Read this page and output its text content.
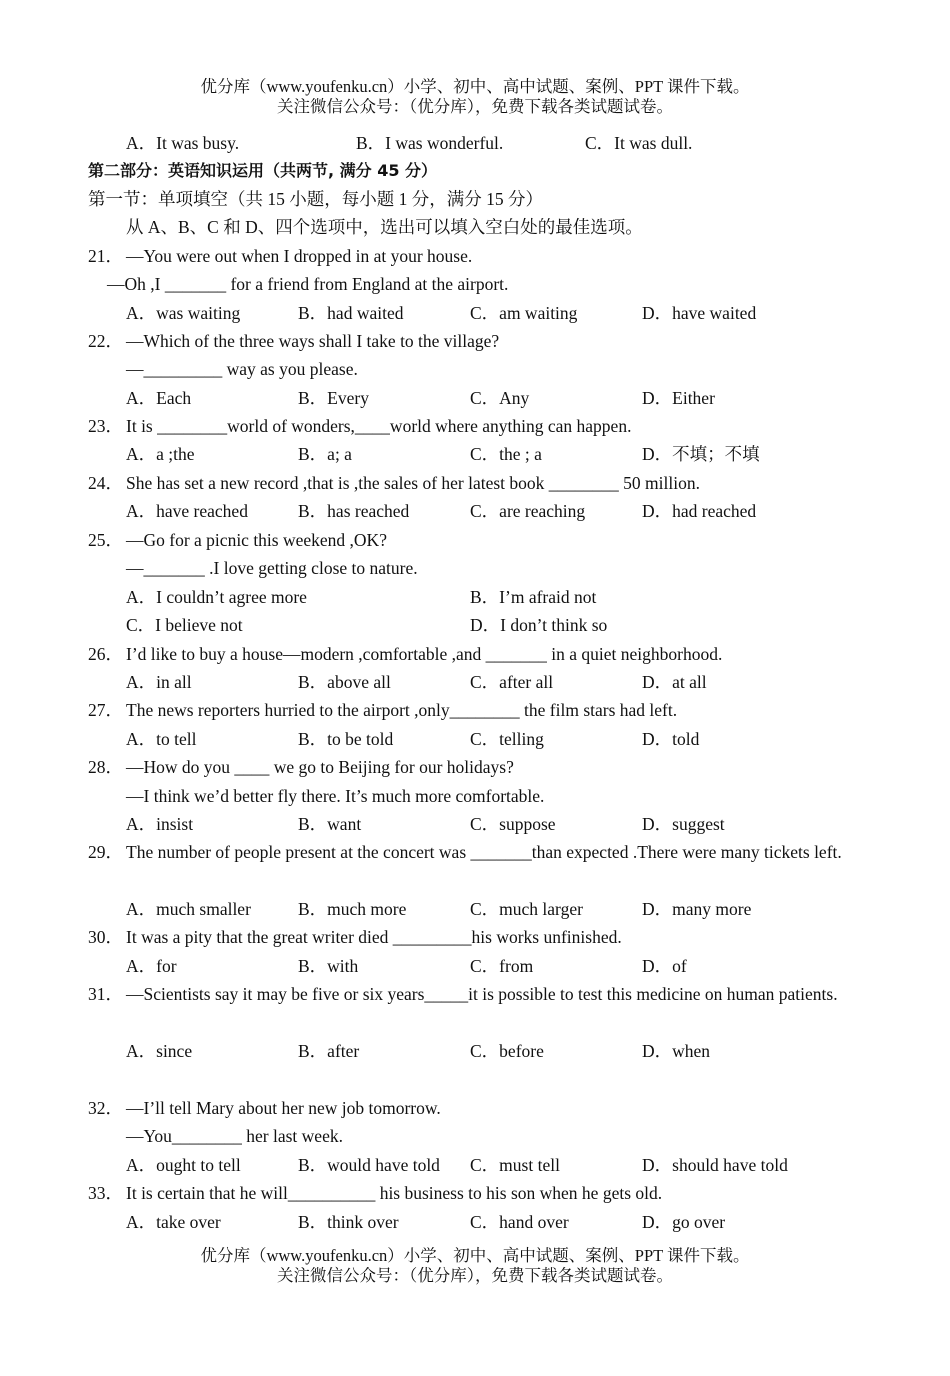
优分库（www.youfenku.cn）小学、初中、高中试题、案例、PPT 课件下载。
关注微信公众号：（优分库），免费下载各类试题试卷。
A．It was busy.	B．I was wonderful.	C．It was dull.
第二部分：英语知识运用（共两节, 满分 45 分）
第一节：单项填空（共 15 小题，每小题 1 分，满分 15 分）
从 A、B、C 和 D、四个选项中，选出可以填入空白处的最佳选项。
21． —You were out when I dropped in at your house.
—Oh ,I _______ for a friend from England at the airport.
A．was waiting	B．had waited	C．am waiting	D．have waited
22． —Which of the three ways shall I take to the village?
—_________ way as you please.
A．Each	B．Every	C．Any	D．Either
23． It is ________world of wonders,____world where anything can happen.
A．a ;the	B．a; a	C．the ; a	D．不填；不填
24． She has set a new record ,that is ,the sales of her latest book ________ 50 million.
A．have reached	B．has reached	C．are reaching	D．had reached
25． —Go for a picnic this weekend ,OK?
—_______ .I love getting close to nature.
A．I couldn’t agree more	B．I’m afraid not
C．I believe not	D．I don’t think so
26． I’d like to buy a house—modern ,comfortable ,and _______ in a quiet neighborhood.
A．in all	B．above all	C．after all	D．at all
27． The news reporters hurried to the airport ,only________ the film stars had left.
A．to tell	B．to be told	C．telling	D．told
28． —How do you ____ we go to Beijing for our holidays?
—I think we’d better fly there. It’s much more comfortable.
A．insist	B．want	C．suppose	D．suggest
29． The number of people present at the concert was _______than expected .There were many tickets left.
A．much smaller	B．much more	C．much larger	D．many more
30． It was a pity that the great writer died _________his works unfinished.
A．for	B．with	C．from	D．of
31． —Scientists say it may be five or six years_____it is possible to test this medicine on human patients.
A．since	B．after	C．before	D．when
32． —I’ll tell Mary about her new job tomorrow.
—You________ her last week.
A．ought to tell	B．would have told C．must tell	D．should have told
33． It is certain that he will__________ his business to his son when he gets old.
A．take over	B．think over	C．hand over	D．go over
优分库（www.youfenku.cn）小学、初中、高中试题、案例、PPT 课件下载。
关注微信公众号：（优分库），免费下载各类试题试卷。
